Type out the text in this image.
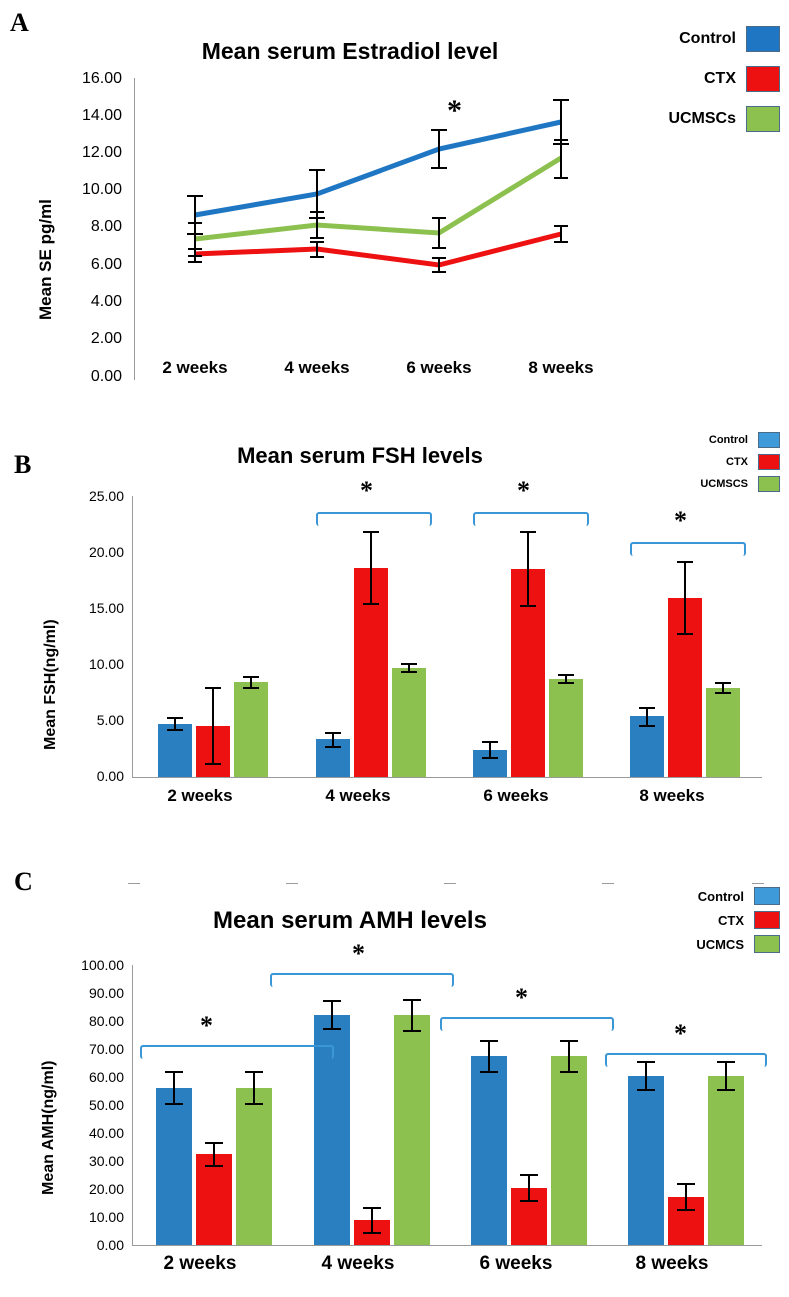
A
Mean serum Estradiol level	Control
CTX
UCMSCs
Mean SE pg/ml
16.00
14.00
12.00
10.00
8.00
6.00
4.00
2.00
0.00	2 weeks	4 weeks	6 weeks	8 weeks
*
B	Mean serum FSH levels
Control
CTX
UCMSCS
Mean FSH(ng/ml)
25.00
20.00
15.00
10.00
5.00
0.00
2 weeks	4 weeks	6 weeks	8 weeks
*	*
*
C
Mean serum AMH levels
Control
CTX
UCMCS
Mean AMH(ng/ml)
100.00
90.00
80.00
70.00
60.00
50.00
40.00
30.00
20.00
10.00
0.00
2 weeks	4 weeks	6 weeks	8 weeks
*
*
*
*
